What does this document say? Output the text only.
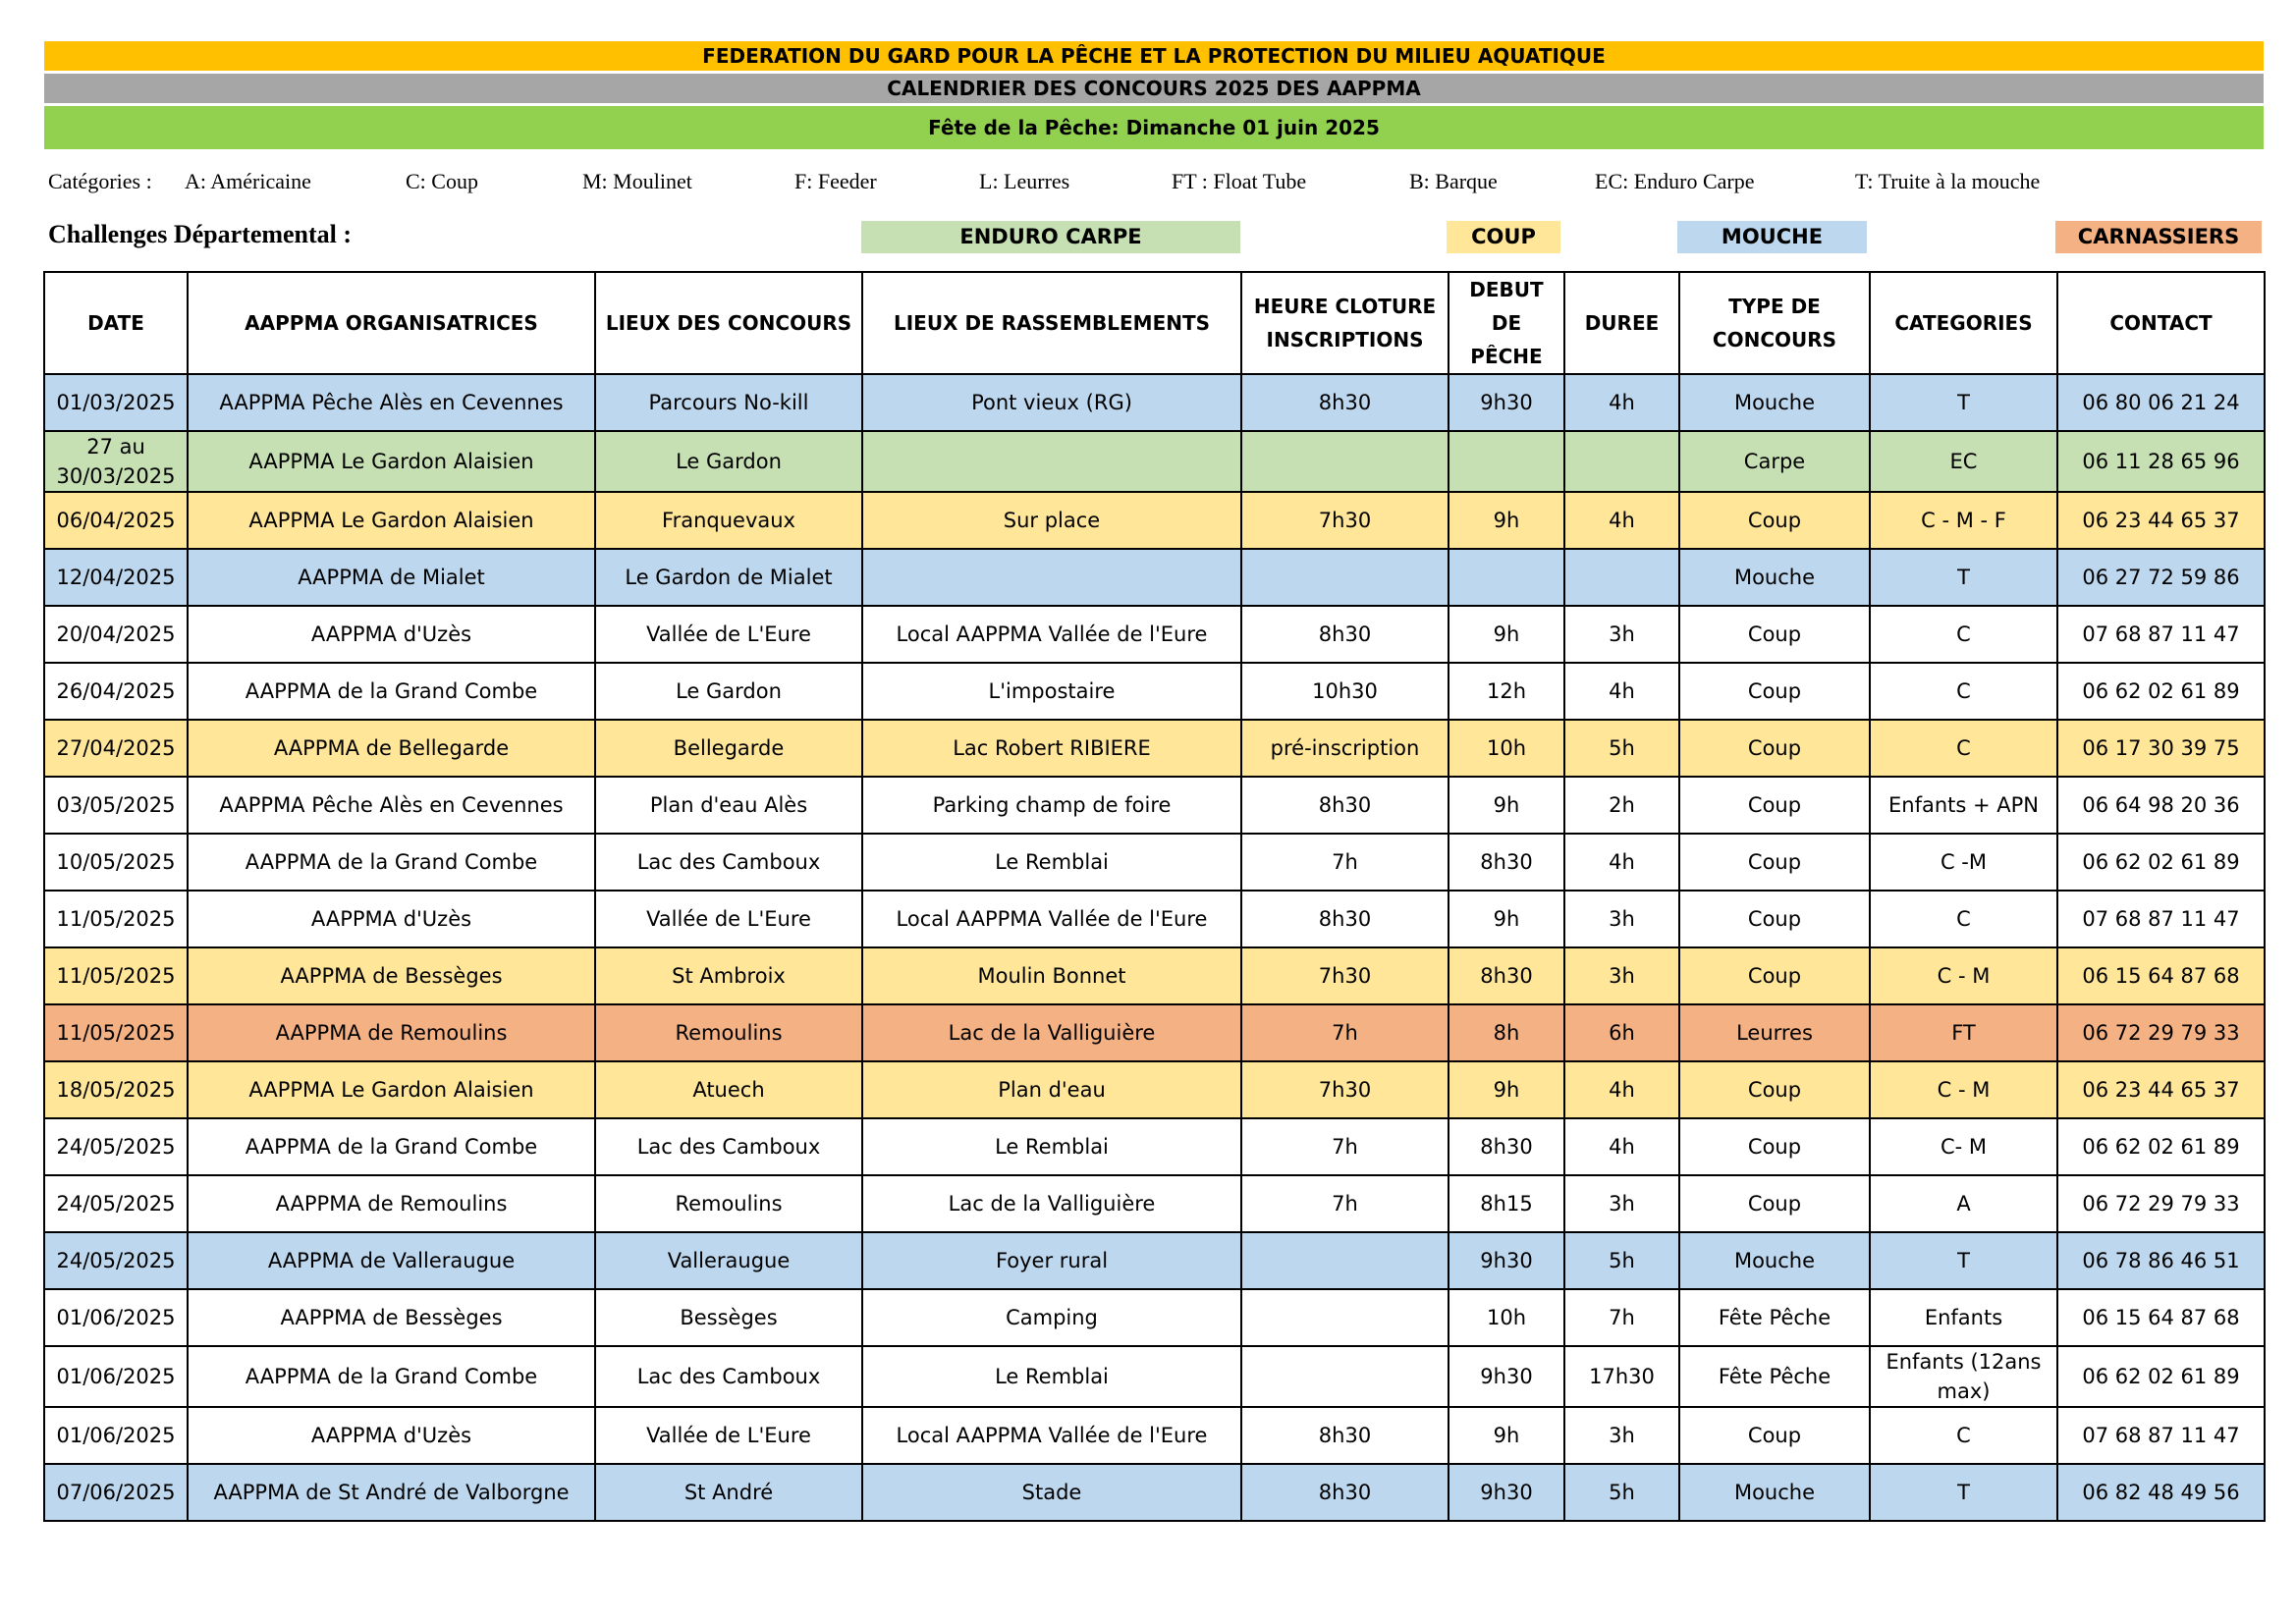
FEDERATION DU GARD POUR LA PÊCHE ET LA PROTECTION DU MILIEU AQUATIQUE
CALENDRIER DES CONCOURS 2025 DES AAPPMA
Fête de la Pêche: Dimanche 01 juin 2025
Catégories : A: Américaine	C: Coup	M: Moulinet	F: Feeder	L: Leurres	FT : Float Tube	B: Barque	EC: Enduro Carpe	T: Truite à la mouche
Challenges Départemental :	ENDURO CARPE	COUP	MOUCHE	CARNASSIERS
DATE	AAPPMA ORGANISATRICES	LIEUX DES CONCOURS	LIEUX DE RASSEMBLEMENTS	HEURE CLOTURE INSCRIPTIONS	DEBUT DE PÊCHE	DUREE	TYPE DE CONCOURS	CATEGORIES	CONTACT
01/03/2025	AAPPMA Pêche Alès en Cevennes	Parcours No-kill	Pont vieux (RG)	8h30	9h30	4h	Mouche	T	06 80 06 21 24
27 au 30/03/2025	AAPPMA Le Gardon Alaisien	Le Gardon					Carpe	EC	06 11 28 65 96
06/04/2025	AAPPMA Le Gardon Alaisien	Franquevaux	Sur place	7h30	9h	4h	Coup	C - M - F	06 23 44 65 37
12/04/2025	AAPPMA de Mialet	Le Gardon de Mialet					Mouche	T	06 27 72 59 86
20/04/2025	AAPPMA d'Uzès	Vallée de L'Eure	Local AAPPMA Vallée de l'Eure	8h30	9h	3h	Coup	C	07 68 87 11 47
26/04/2025	AAPPMA de la Grand Combe	Le Gardon	L'impostaire	10h30	12h	4h	Coup	C	06 62 02 61 89
27/04/2025	AAPPMA de Bellegarde	Bellegarde	Lac Robert RIBIERE	pré-inscription	10h	5h	Coup	C	06 17 30 39 75
03/05/2025	AAPPMA Pêche Alès en Cevennes	Plan d'eau Alès	Parking champ de foire	8h30	9h	2h	Coup	Enfants + APN	06 64 98 20 36
10/05/2025	AAPPMA de la Grand Combe	Lac des Camboux	Le Remblai	7h	8h30	4h	Coup	C -M	06 62 02 61 89
11/05/2025	AAPPMA d'Uzès	Vallée de L'Eure	Local AAPPMA Vallée de l'Eure	8h30	9h	3h	Coup	C	07 68 87 11 47
11/05/2025	AAPPMA de Bessèges	St Ambroix	Moulin Bonnet	7h30	8h30	3h	Coup	C - M	06 15 64 87 68
11/05/2025	AAPPMA de Remoulins	Remoulins	Lac de la Valliguière	7h	8h	6h	Leurres	FT	06 72 29 79 33
18/05/2025	AAPPMA Le Gardon Alaisien	Atuech	Plan d'eau	7h30	9h	4h	Coup	C - M	06 23 44 65 37
24/05/2025	AAPPMA de la Grand Combe	Lac des Camboux	Le Remblai	7h	8h30	4h	Coup	C- M	06 62 02 61 89
24/05/2025	AAPPMA de Remoulins	Remoulins	Lac de la Valliguière	7h	8h15	3h	Coup	A	06 72 29 79 33
24/05/2025	AAPPMA de Valleraugue	Valleraugue	Foyer rural		9h30	5h	Mouche	T	06 78 86 46 51
01/06/2025	AAPPMA de Bessèges	Bessèges	Camping		10h	7h	Fête Pêche	Enfants	06 15 64 87 68
01/06/2025	AAPPMA de la Grand Combe	Lac des Camboux	Le Remblai		9h30	17h30	Fête Pêche	Enfants (12ans max)	06 62 02 61 89
01/06/2025	AAPPMA d'Uzès	Vallée de L'Eure	Local AAPPMA Vallée de l'Eure	8h30	9h	3h	Coup	C	07 68 87 11 47
07/06/2025	AAPPMA de St André de Valborgne	St André	Stade	8h30	9h30	5h	Mouche	T	06 82 48 49 56
